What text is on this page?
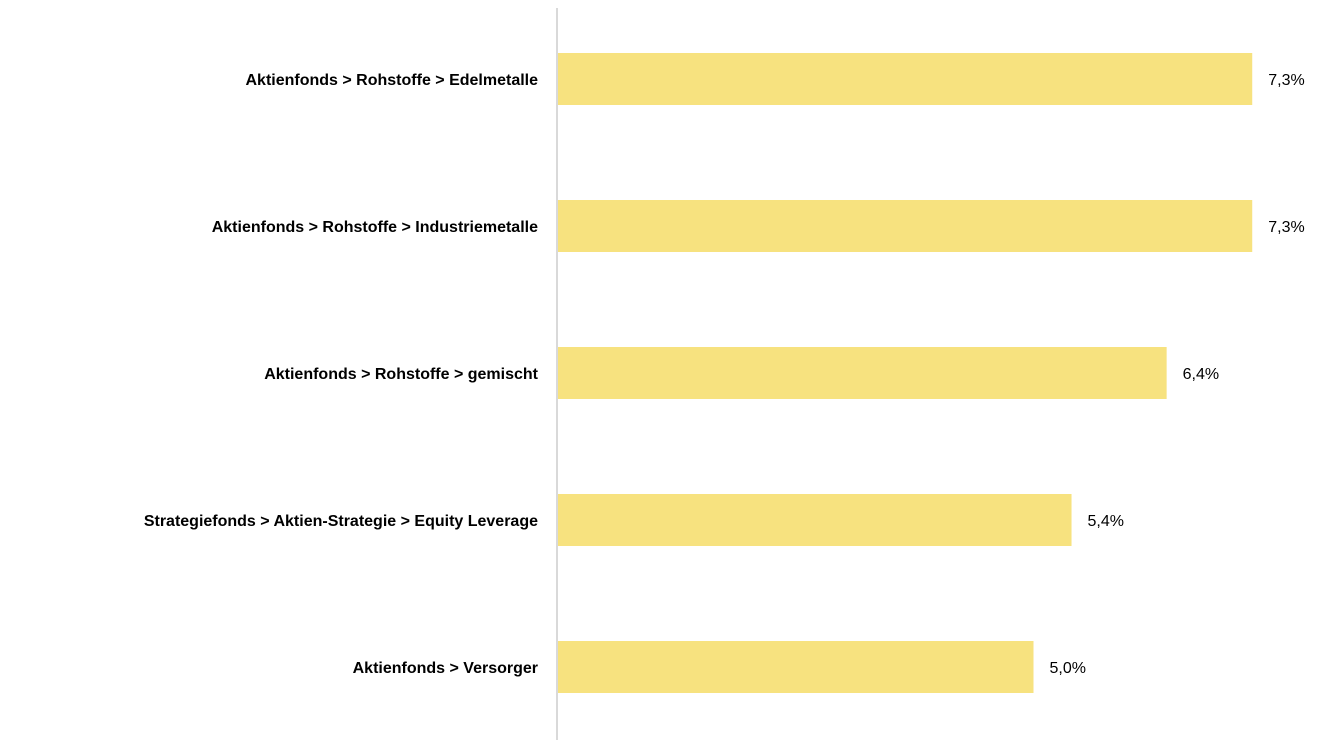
Aktienfonds > Rohstoffe > Edelmetalle
Aktienfonds > Rohstoffe > Industriemetalle
Aktienfonds > Rohstoffe > gemischt
Strategiefonds > Aktien-Strategie > Equity Leverage
Aktienfonds > Versorger
7,3%
7,3%
6,4%
5,4%
5,0%
